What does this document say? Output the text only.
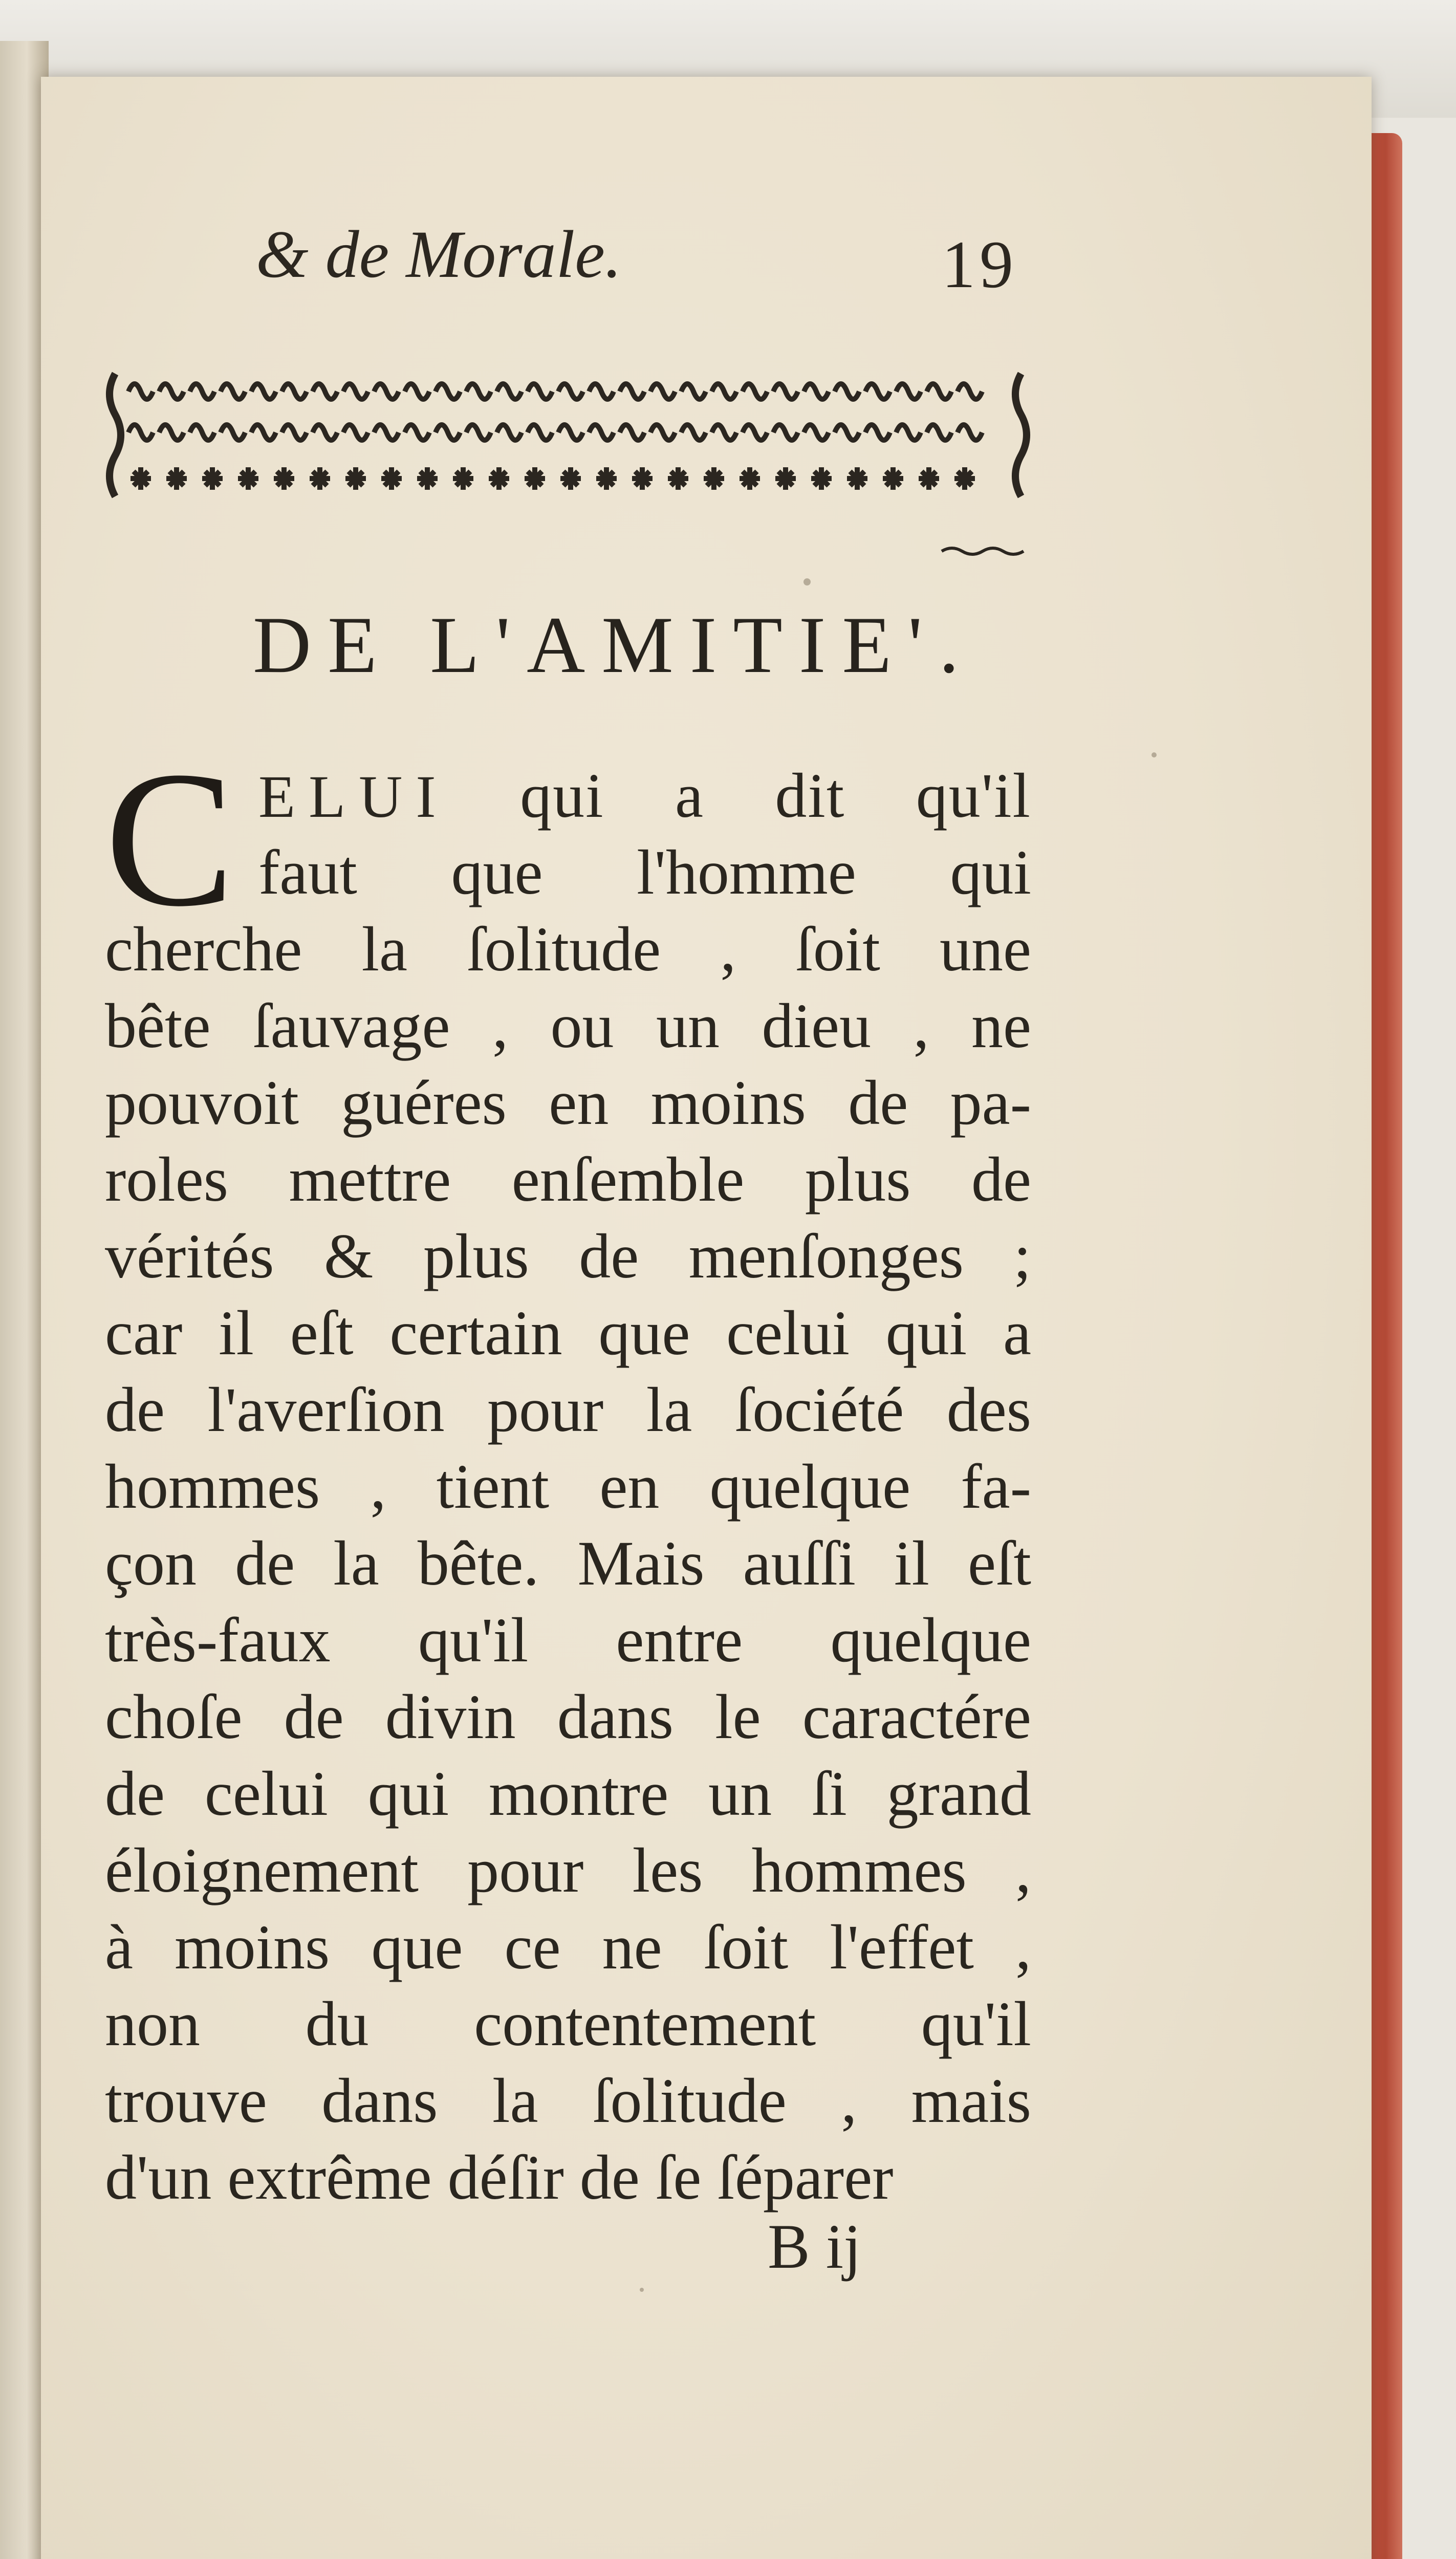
& de Morale.	19
DE L'AMITIE'.
C ELUI qui a dit qu'il
faut que l'homme qui
cherche la ſolitude , ſoit une
bête ſauvage , ou un dieu , ne
pouvoit guéres en moins de pa-
roles mettre enſemble plus de
vérités & plus de menſonges ;
car il eſt certain que celui qui a
de l'averſion pour la ſociété des
hommes , tient en quelque fa-
çon de la bête. Mais auſſi il eſt
très-faux qu'il entre quelque
choſe de divin dans le caractére
de celui qui montre un ſi grand
éloignement pour les hommes ,
à moins que ce ne ſoit l'effet ,
non du contentement qu'il
trouve dans la ſolitude , mais
d'un extrême déſir de ſe ſéparer
B ij
